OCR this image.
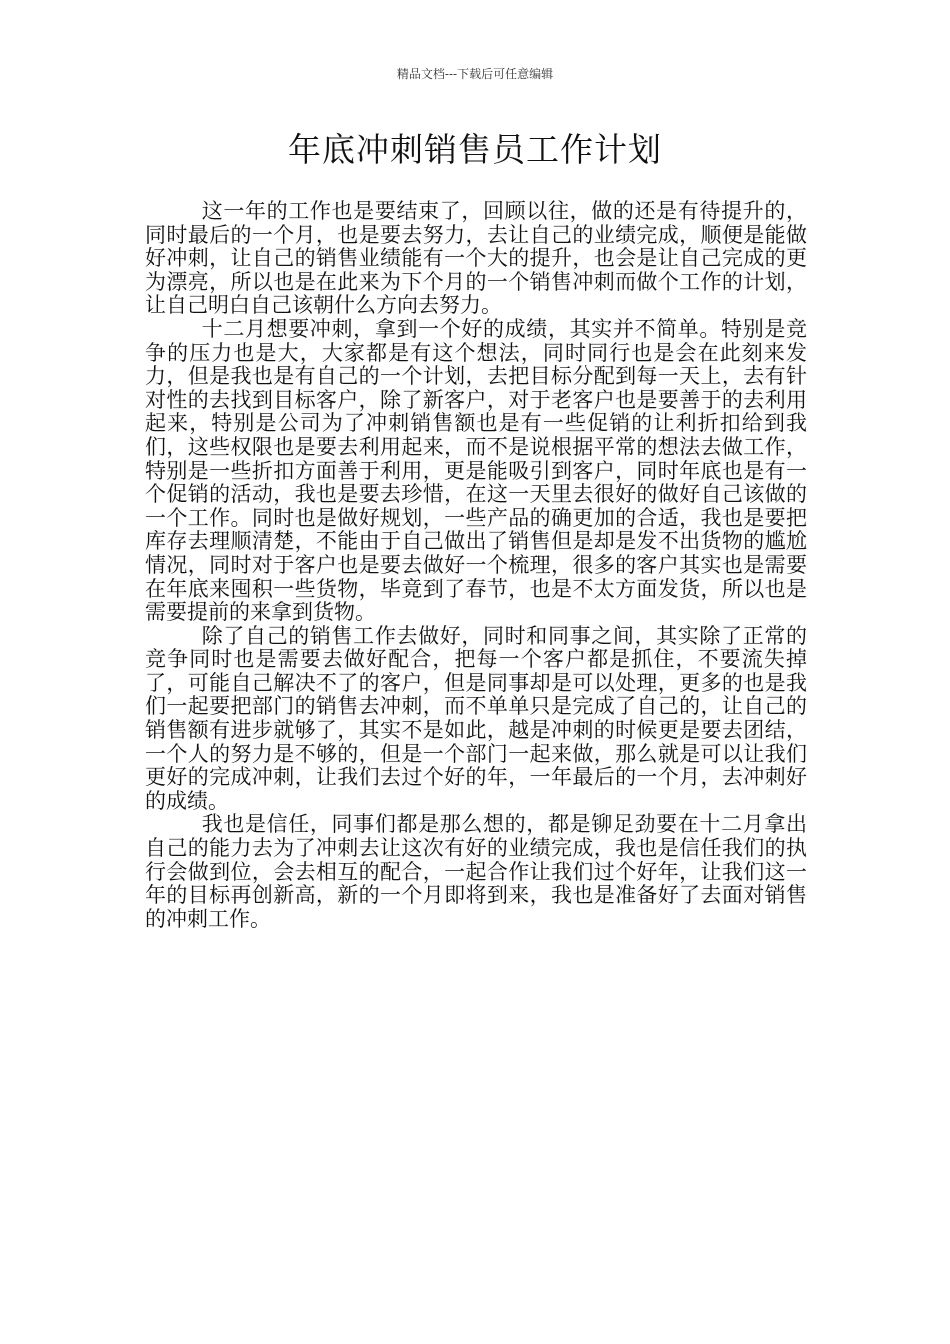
精品文档---下载后可任意编辑
年底冲刺销售员工作计划

这一年的工作也是要结束了，回顾以往，做的还是有待提升的，同时最后的一个月，也是要去努力，去让自己的业绩完成，顺便是能做好冲刺，让自己的销售业绩能有一个大的提升，也会是让自己完成的更为漂亮，所以也是在此来为下个月的一个销售冲刺而做个工作的计划，让自己明白自己该朝什么方向去努力。

十二月想要冲刺，拿到一个好的成绩，其实并不简单。特别是竞争的压力也是大，大家都是有这个想法，同时同行也是会在此刻来发力，但是我也是有自己的一个计划，去把目标分配到每一天上，去有针对性的去找到目标客户，除了新客户，对于老客户也是要善于的去利用起来，特别是公司为了冲刺销售额也是有一些促销的让利折扣给到我们，这些权限也是要去利用起来，而不是说根据平常的想法去做工作，特别是一些折扣方面善于利用，更是能吸引到客户，同时年底也是有一个促销的活动，我也是要去珍惜，在这一天里去很好的做好自己该做的一个工作。同时也是做好规划，一些产品的确更加的合适，我也是要把库存去理顺清楚，不能由于自己做出了销售但是却是发不出货物的尴尬情况，同时对于客户也是要去做好一个梳理，很多的客户其实也是需要在年底来囤积一些货物，毕竟到了春节，也是不太方面发货，所以也是需要提前的来拿到货物。

除了自己的销售工作去做好，同时和同事之间，其实除了正常的竞争同时也是需要去做好配合，把每一个客户都是抓住，不要流失掉了，可能自己解决不了的客户，但是同事却是可以处理，更多的也是我们一起要把部门的销售去冲刺，而不单单只是完成了自己的，让自己的销售额有进步就够了，其实不是如此，越是冲刺的时候更是要去团结，一个人的努力是不够的，但是一个部门一起来做，那么就是可以让我们更好的完成冲刺，让我们去过个好的年，一年最后的一个月，去冲刺好的成绩。

我也是信任，同事们都是那么想的，都是铆足劲要在十二月拿出自己的能力去为了冲刺去让这次有好的业绩完成，我也是信任我们的执行会做到位，会去相互的配合，一起合作让我们过个好年，让我们这一年的目标再创新高，新的一个月即将到来，我也是准备好了去面对销售的冲刺工作。
